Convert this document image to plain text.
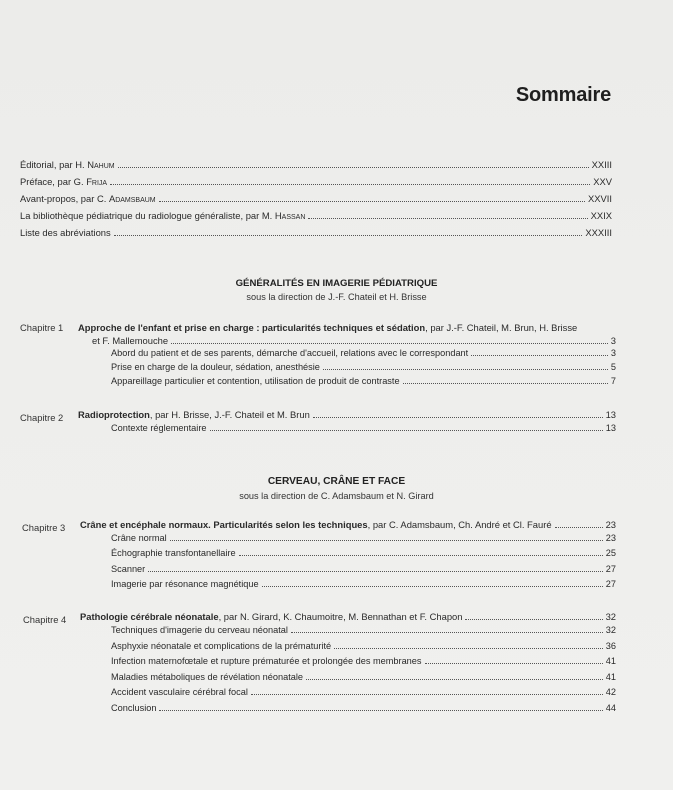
Sommaire
Éditorial, par H. Nahum	XXIII
Préface, par G. Frija	XXV
Avant-propos, par C. Adamsbaum	XXVII
La bibliothèque pédiatrique du radiologue généraliste, par M. Hassan	XXIX
Liste des abréviations	XXXIII
GÉNÉRALITÉS EN IMAGERIE PÉDIATRIQUE
sous la direction de J.-F. Chateil et H. Brisse
Chapitre 1 Approche de l'enfant et prise en charge : particularités techniques et sédation, par J.-F. Chateil, M. Brun, H. Brisse
et F. Mallemouche	3
Abord du patient et de ses parents, démarche d'accueil, relations avec le correspondant	3
Prise en charge de la douleur, sédation, anesthésie	5
Appareillage particulier et contention, utilisation de produit de contraste	7
Chapitre 2 Radioprotection, par H. Brisse, J.-F. Chateil et M. Brun	13
Contexte réglementaire	13
CERVEAU, CRÂNE ET FACE
sous la direction de C. Adamsbaum et N. Girard
Chapitre 3 Crâne et encéphale normaux. Particularités selon les techniques, par C. Adamsbaum, Ch. André et Cl. Fauré	23
Crâne normal	23
Échographie transfontanellaire	25
Scanner	27
Imagerie par résonance magnétique	27
Chapitre 4 Pathologie cérébrale néonatale, par N. Girard, K. Chaumoitre, M. Bennathan et F. Chapon	32
Techniques d'imagerie du cerveau néonatal	32
Asphyxie néonatale et complications de la prématurité	36
Infection maternofœtale et rupture prématurée et prolongée des membranes	41
Maladies métaboliques de révélation néonatale	41
Accident vasculaire cérébral focal	42
Conclusion	44
